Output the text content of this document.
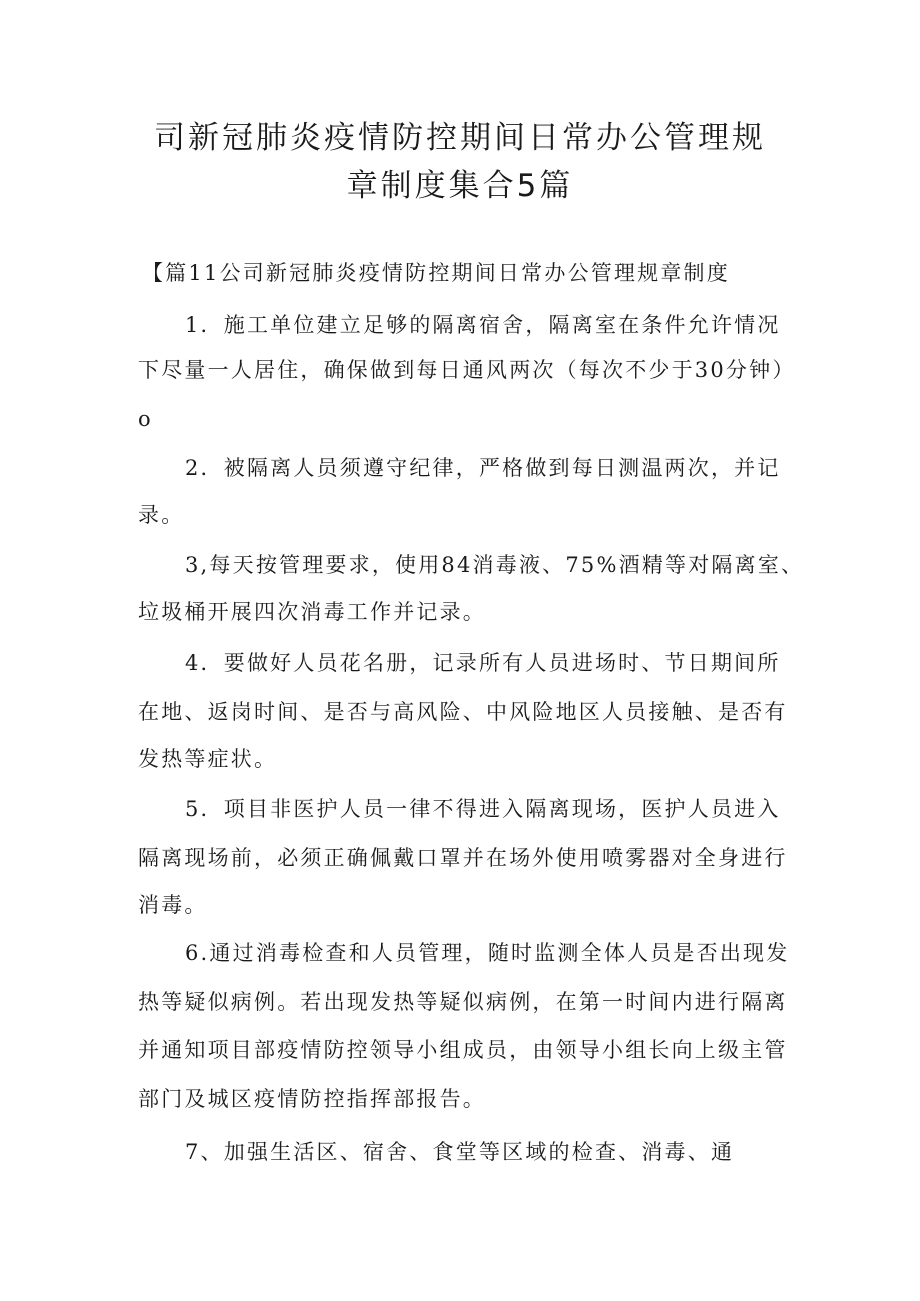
司新冠肺炎疫情防控期间日常办公管理规
章制度集合5篇
【篇11公司新冠肺炎疫情防控期间日常办公管理规章制度
1．施工单位建立足够的隔离宿舍，隔离室在条件允许情况
下尽量一人居住，确保做到每日通风两次（每次不少于30分钟）
o
2．被隔离人员须遵守纪律，严格做到每日测温两次，并记
录。
3,每天按管理要求，使用84消毒液、75%酒精等对隔离室、
垃圾桶开展四次消毒工作并记录。
4．要做好人员花名册，记录所有人员进场时、节日期间所
在地、返岗时间、是否与高风险、中风险地区人员接触、是否有
发热等症状。
5．项目非医护人员一律不得进入隔离现场，医护人员进入
隔离现场前，必须正确佩戴口罩并在场外使用喷雾器对全身进行
消毒。
6.通过消毒检查和人员管理，随时监测全体人员是否出现发
热等疑似病例。若出现发热等疑似病例，在第一时间内进行隔离
并通知项目部疫情防控领导小组成员，由领导小组长向上级主管
部门及城区疫情防控指挥部报告。
7、加强生活区、宿舍、食堂等区域的检查、消毒、通
